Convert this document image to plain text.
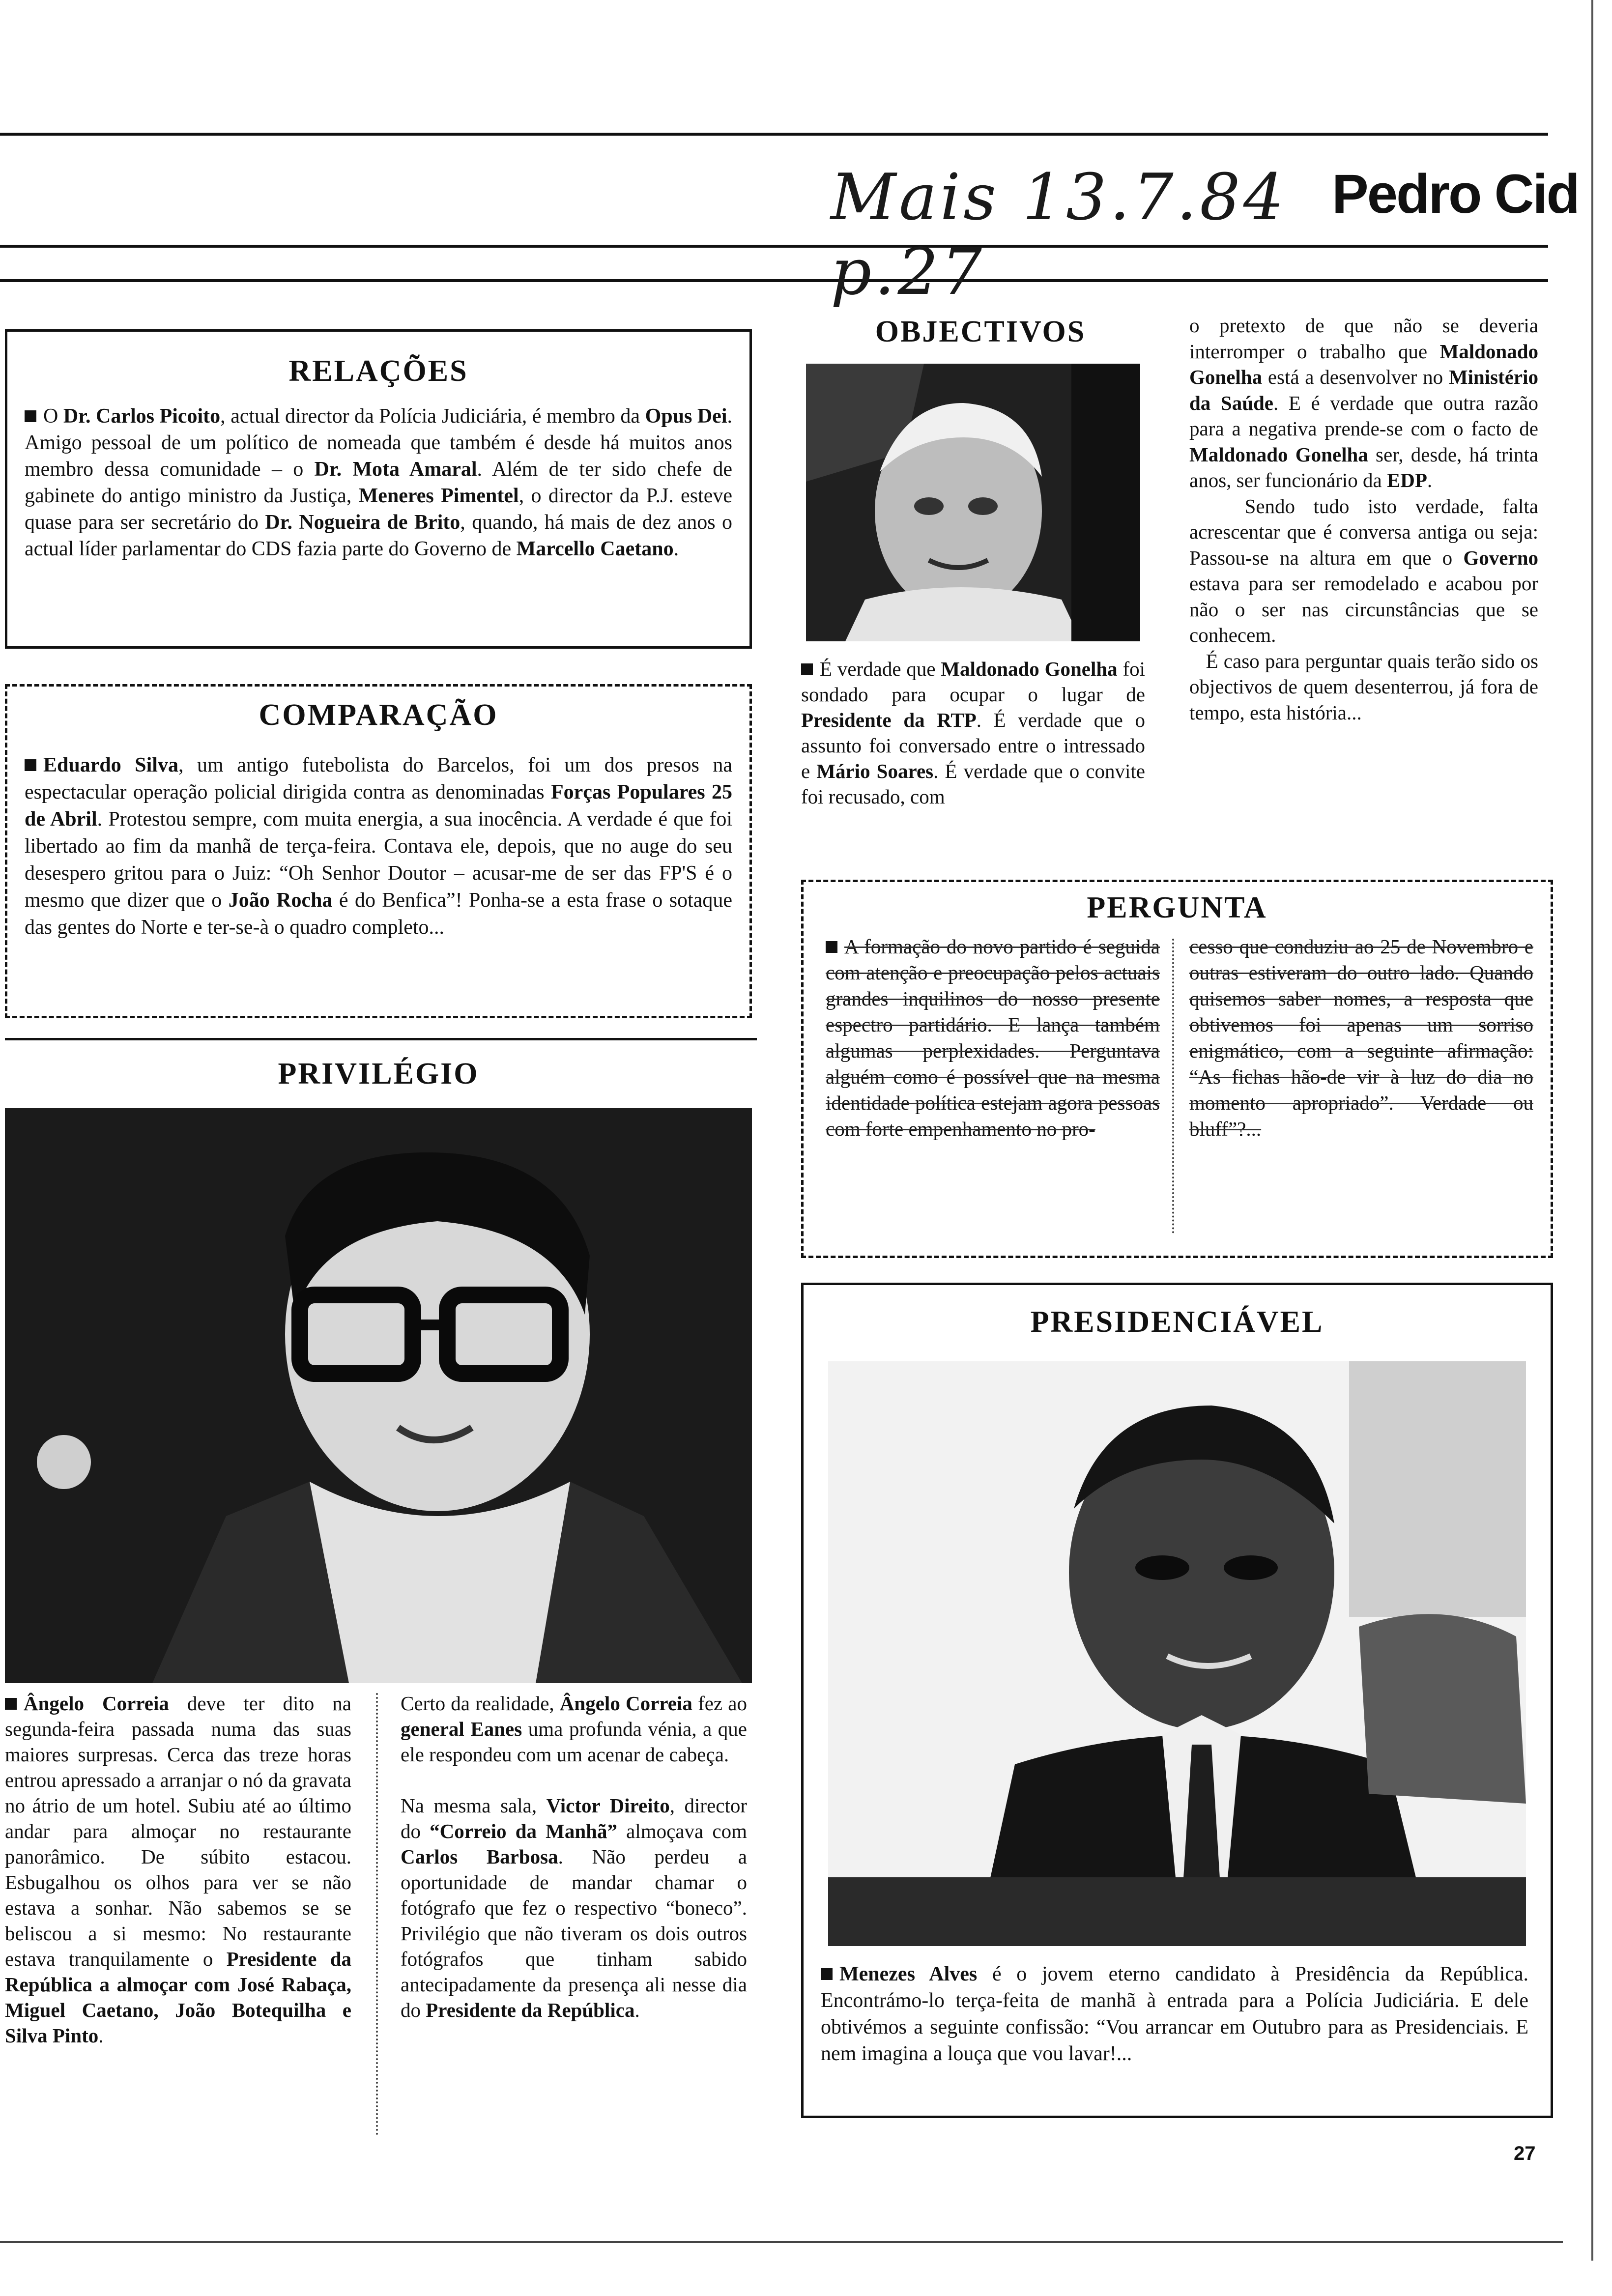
Mais 13.7.84 p.27
Pedro Cid
RELAÇÕES
O Dr. Carlos Picoito, actual director da Polícia Judiciária, é membro da Opus Dei. Amigo pessoal de um político de nomeada que também é desde há muitos anos membro dessa comunidade – o Dr. Mota Amaral. Além de ter sido chefe de gabinete do antigo ministro da Justiça, Meneres Pimentel, o director da P.J. esteve quase para ser secretário do Dr. Nogueira de Brito, quando, há mais de dez anos o actual líder parlamentar do CDS fazia parte do Governo de Marcello Caetano.
COMPARAÇÃO
Eduardo Silva, um antigo futebolista do Barcelos, foi um dos presos na espectacular operação policial dirigida contra as denominadas Forças Populares 25 de Abril. Protestou sempre, com muita energia, a sua inocência. A verdade é que foi libertado ao fim da manhã de terça-feira. Contava ele, depois, que no auge do seu desespero gritou para o Juiz: “Oh Senhor Doutor – acusar-me de ser das FP'S é o mesmo que dizer que o João Rocha é do Benfica”! Ponha-se a esta frase o sotaque das gentes do Norte e ter-se-à o quadro completo...
PRIVILÉGIO
Ângelo Correia deve ter dito na segunda-feira passada numa das suas maiores surpresas. Cerca das treze horas entrou apressado a arranjar o nó da gravata no átrio de um hotel. Subiu até ao último andar para almoçar no restaurante panorâmico. De súbito estacou. Esbugalhou os olhos para ver se não estava a sonhar. Não sabemos se se beliscou a si mesmo: No restaurante estava tranquilamente o Presidente da República a almoçar com José Rabaça, Miguel Caetano, João Botequilha e Silva Pinto.
Certo da realidade, Ângelo Correia fez ao general Eanes uma profunda vénia, a que ele respondeu com um acenar de cabeça.

Na mesma sala, Victor Direito, director do “Correio da Manhã” almoçava com Carlos Barbosa. Não perdeu a oportunidade de mandar chamar o fotógrafo que fez o respectivo “boneco”. Privilégio que não tiveram os dois outros fotógrafos que tinham sabido antecipadamente da presença ali nesse dia do Presidente da República.
OBJECTIVOS
É verdade que Maldonado Gonelha foi sondado para ocupar o lugar de Presidente da RTP. É verdade que o assunto foi conversado entre o intressado e Mário Soares. É verdade que o convite foi recusado, com
o pretexto de que não se deveria interromper o trabalho que Maldonado Gonelha está a desenvolver no Ministério da Saúde. E é verdade que outra razão para a negativa prende-se com o facto de Maldonado Gonelha ser, desde, há trinta anos, ser funcionário da EDP.
Sendo tudo isto verdade, falta acrescentar que é conversa antiga ou seja: Passou-se na altura em que o Governo estava para ser remodelado e acabou por não o ser nas circunstâncias que se conhecem.
É caso para perguntar quais terão sido os objectivos de quem desenterrou, já fora de tempo, esta história...
PERGUNTA
A formação do novo partido é seguida com atenção e preocupação pelos actuais grandes inquilinos do nosso presente espectro partidário. E lança também algumas perplexidades. Perguntava alguém como é possível que na mesma identidade política estejam agora pessoas com forte empenhamento no pro-
cesso que conduziu ao 25 de Novembro e outras estiveram do outro lado. Quando quisemos saber nomes, a resposta que obtivemos foi apenas um sorriso enigmático, com a seguinte afirmação: “As fichas hão-de vir à luz do dia no momento apropriado”. Verdade ou bluff”?...
PRESIDENCIÁVEL
Menezes Alves é o jovem eterno candidato à Presidência da República. Encontrámo-lo terça-feita de manhã à entrada para a Polícia Judiciária. E dele obtivémos a seguinte confissão: “Vou arrancar em Outubro para as Presidenciais. E nem imagina a louça que vou lavar!...
27
